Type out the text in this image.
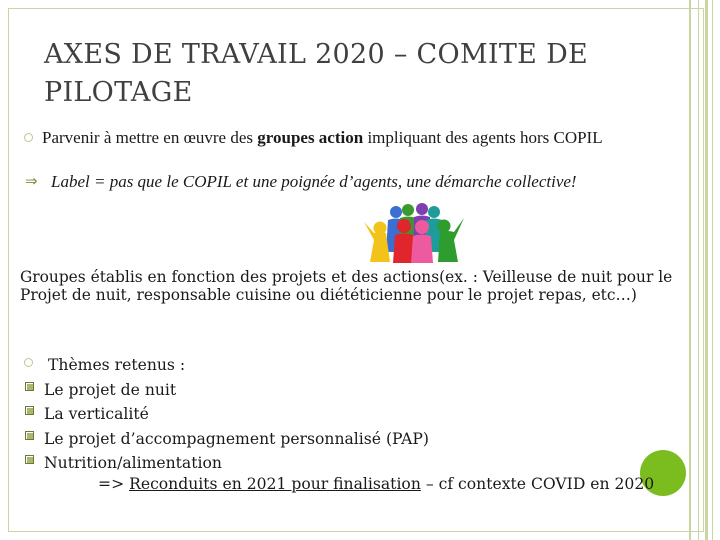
AXES DE TRAVAIL 2020 – COMITE DE PILOTAGE
Parvenir à mettre en œuvre des groupes action impliquant des agents hors COPIL
⇒ Label = pas que le COPIL et une poignée d’agents, une démarche collective!
Groupes établis en fonction des projets et des actions(ex. : Veilleuse de nuit pour le Projet de nuit, responsable cuisine ou diététicienne pour le projet repas, etc…)
Thèmes retenus :
Le projet de nuit
La verticalité
Le projet d’accompagnement personnalisé (PAP)
Nutrition/alimentation
=> Reconduits en 2021 pour finalisation – cf contexte COVID en 2020
